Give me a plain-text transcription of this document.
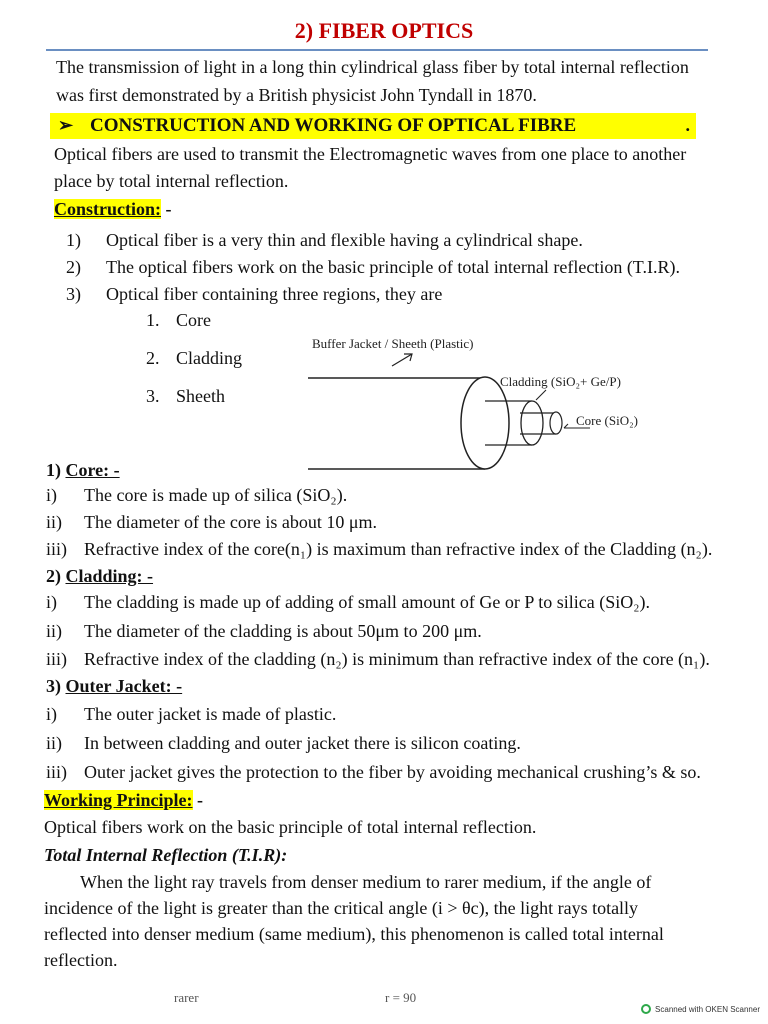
2) FIBER OPTICS
The transmission of light in a long thin cylindrical glass fiber by total internal reflection
was first demonstrated by a British physicist John Tyndall in 1870.
➢ CONSTRUCTION AND WORKING OF OPTICAL FIBRE	.
Optical fibers are used to transmit the Electromagnetic waves from one place to another
place by total internal reflection.
Construction: -
1) Optical fiber is a very thin and flexible having a cylindrical shape.
2) The optical fibers work on the basic principle of total internal reflection (T.I.R).
3) Optical fiber containing three regions, they are
1. Core
2. Cladding
3. Sheeth
Buffer Jacket / Sheeth (Plastic)
Cladding (SiO₂+ Ge/P)
Core (SiO₂)
1) Core: -
i) The core is made up of silica (SiO₂).
ii) The diameter of the core is about 10 μm.
iii) Refractive index of the core(n₁) is maximum than refractive index of the Cladding (n₂).
2) Cladding: -
i) The cladding is made up of adding of small amount of Ge or P to silica (SiO₂).
ii) The diameter of the cladding is about 50μm to 200 μm.
iii) Refractive index of the cladding (n₂) is minimum than refractive index of the core (n₁).
3) Outer Jacket: -
i) The outer jacket is made of plastic.
ii) In between cladding and outer jacket there is silicon coating.
iii) Outer jacket gives the protection to the fiber by avoiding mechanical crushing’s & so.
Working Principle: -
Optical fibers work on the basic principle of total internal reflection.
Total Internal Reflection (T.I.R):
When the light ray travels from denser medium to rarer medium, if the angle of
incidence of the light is greater than the critical angle (i > θc), the light rays totally
reflected into denser medium (same medium), this phenomenon is called total internal
reflection.
rarer	r = 90
Scanned with OKEN Scanner
